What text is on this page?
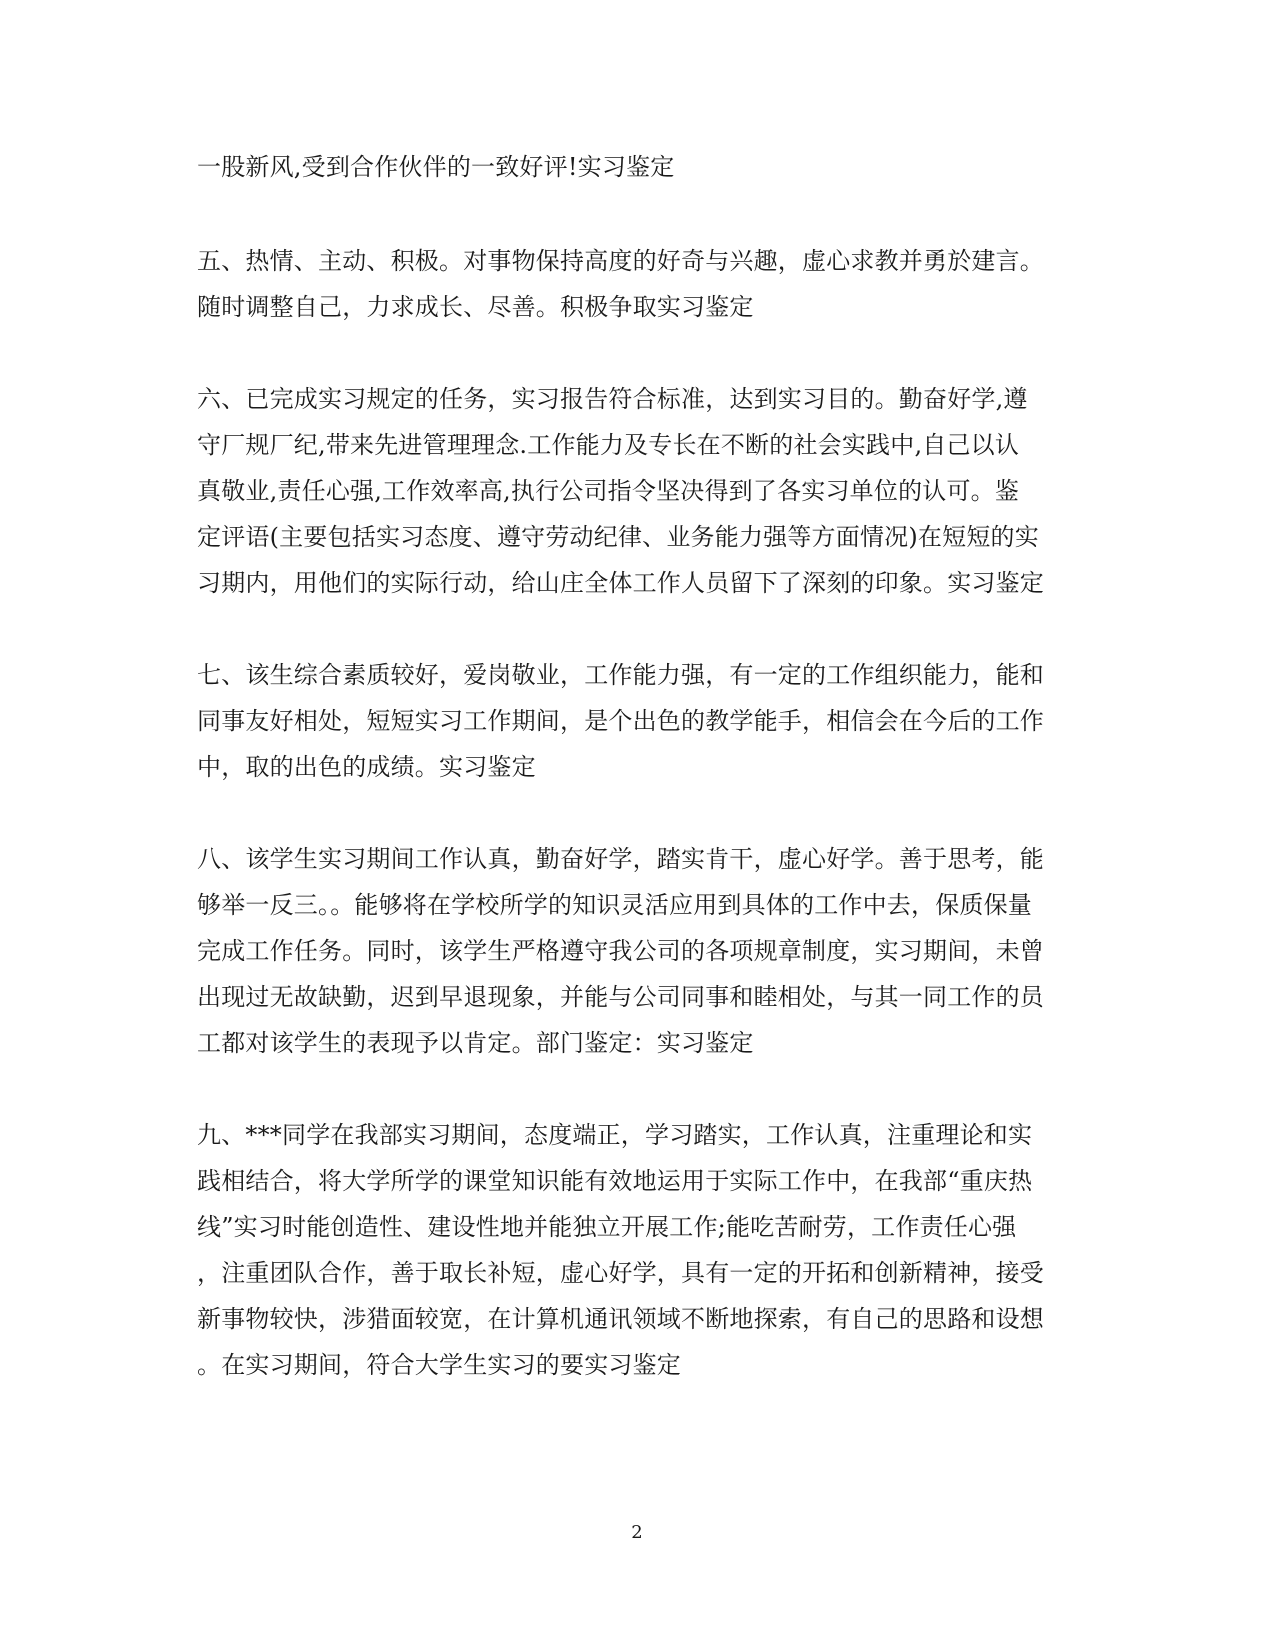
一股新风,受到合作伙伴的一致好评!实习鉴定
五、热情、主动、积极。对事物保持高度的好奇与兴趣，虚心求教并勇於建言。
随时调整自己，力求成长、尽善。积极争取实习鉴定
六、已完成实习规定的任务，实习报告符合标准，达到实习目的。勤奋好学,遵
守厂规厂纪,带来先进管理理念.工作能力及专长在不断的社会实践中,自己以认
真敬业,责任心强,工作效率高,执行公司指令坚决得到了各实习单位的认可。鉴
定评语(主要包括实习态度、遵守劳动纪律、业务能力强等方面情况)在短短的实
习期内，用他们的实际行动，给山庄全体工作人员留下了深刻的印象。实习鉴定
七、该生综合素质较好，爱岗敬业，工作能力强，有一定的工作组织能力，能和
同事友好相处，短短实习工作期间，是个出色的教学能手，相信会在今后的工作
中，取的出色的成绩。实习鉴定
八、该学生实习期间工作认真，勤奋好学，踏实肯干，虚心好学。善于思考，能
够举一反三。。能够将在学校所学的知识灵活应用到具体的工作中去，保质保量
完成工作任务。同时，该学生严格遵守我公司的各项规章制度，实习期间，未曾
出现过无故缺勤，迟到早退现象，并能与公司同事和睦相处，与其一同工作的员
工都对该学生的表现予以肯定。部门鉴定：实习鉴定
九、***同学在我部实习期间，态度端正，学习踏实，工作认真，注重理论和实
践相结合，将大学所学的课堂知识能有效地运用于实际工作中，在我部“重庆热
线”实习时能创造性、建设性地并能独立开展工作;能吃苦耐劳，工作责任心强
，注重团队合作，善于取长补短，虚心好学，具有一定的开拓和创新精神，接受
新事物较快，涉猎面较宽，在计算机通讯领域不断地探索，有自己的思路和设想
。在实习期间，符合大学生实习的要实习鉴定
2
